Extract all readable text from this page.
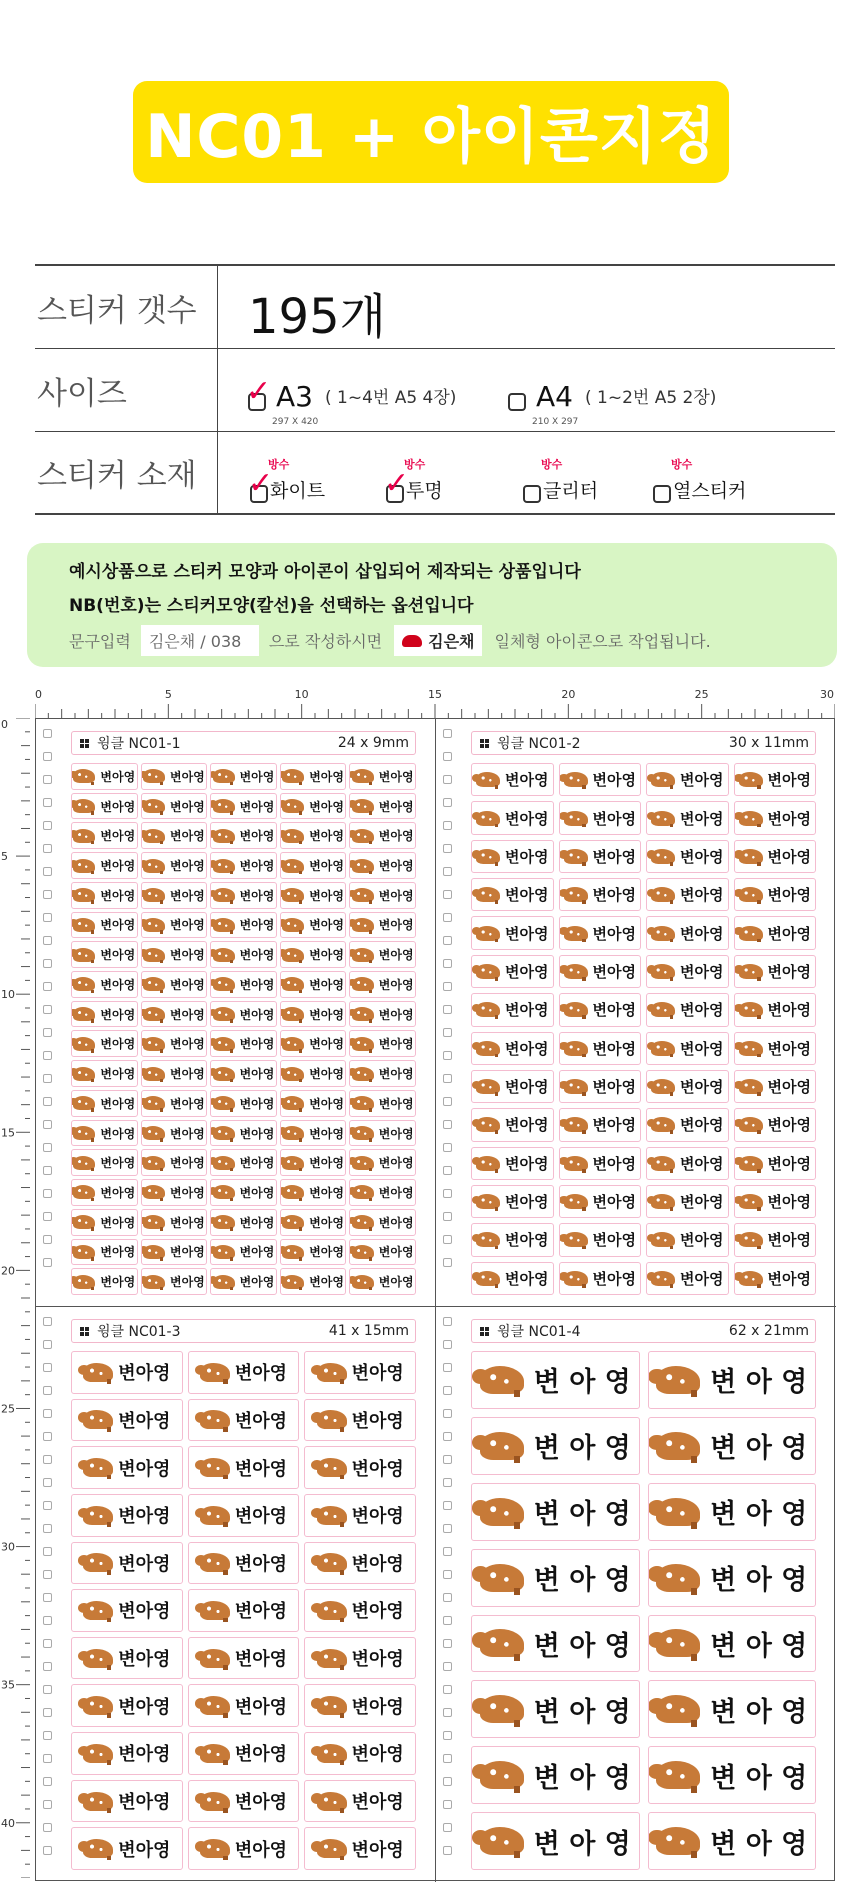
NC01 + 아이콘지정
스티커 갯수	195개
사이즈	✓ A3 ( 1~4번 A5 4장)
297 X 420
A4 ( 1~2번 A5 2장)
210 X 297
스티커 소재	✓
방수
화이트 ✓
방수
투명
방수
글리터
방수
열스티커
예시상품으로 스티커 모양과 아이콘이 삽입되어 제작되는 상품입니다
NB(번호)는 스티커모양(칼선)을 선택하는 옵션입니다
문구입력	김은채 / 038	으로 작성하시면	김은채 일체형 아이콘으로 작업됩니다.
0	5	10	15	20	25	30
0
5
10
15
20
25
30
35
40
윙클 NC01-1	24 x 9mm
변아영	변아영	변아영	변아영	변아영
변아영	변아영	변아영	변아영	변아영
변아영	변아영	변아영	변아영	변아영
변아영	변아영	변아영	변아영	변아영
변아영	변아영	변아영	변아영	변아영
변아영	변아영	변아영	변아영	변아영
변아영	변아영	변아영	변아영	변아영
변아영	변아영	변아영	변아영	변아영
변아영	변아영	변아영	변아영	변아영
변아영	변아영	변아영	변아영	변아영
변아영	변아영	변아영	변아영	변아영
변아영	변아영	변아영	변아영	변아영
변아영	변아영	변아영	변아영	변아영
변아영	변아영	변아영	변아영	변아영
변아영	변아영	변아영	변아영	변아영
변아영	변아영	변아영	변아영	변아영
변아영	변아영	변아영	변아영	변아영
변아영	변아영	변아영	변아영	변아영
윙클 NC01-2	30 x 11mm
변아영	변아영	변아영	변아영
변아영	변아영	변아영	변아영
변아영	변아영	변아영	변아영
변아영	변아영	변아영	변아영
변아영	변아영	변아영	변아영
변아영	변아영	변아영	변아영
변아영	변아영	변아영	변아영
변아영	변아영	변아영	변아영
변아영	변아영	변아영	변아영
변아영	변아영	변아영	변아영
변아영	변아영	변아영	변아영
변아영	변아영	변아영	변아영
변아영	변아영	변아영	변아영
변아영	변아영	변아영	변아영
윙클 NC01-3	41 x 15mm
변아영	변아영	변아영
변아영	변아영	변아영
변아영	변아영	변아영
변아영	변아영	변아영
변아영	변아영	변아영
변아영	변아영	변아영
변아영	변아영	변아영
변아영	변아영	변아영
변아영	변아영	변아영
변아영	변아영	변아영
변아영	변아영	변아영
윙클 NC01-4	62 x 21mm
변 아 영	변 아 영
변 아 영	변 아 영
변 아 영	변 아 영
변 아 영	변 아 영
변 아 영	변 아 영
변 아 영	변 아 영
변 아 영	변 아 영
변 아 영	변 아 영
